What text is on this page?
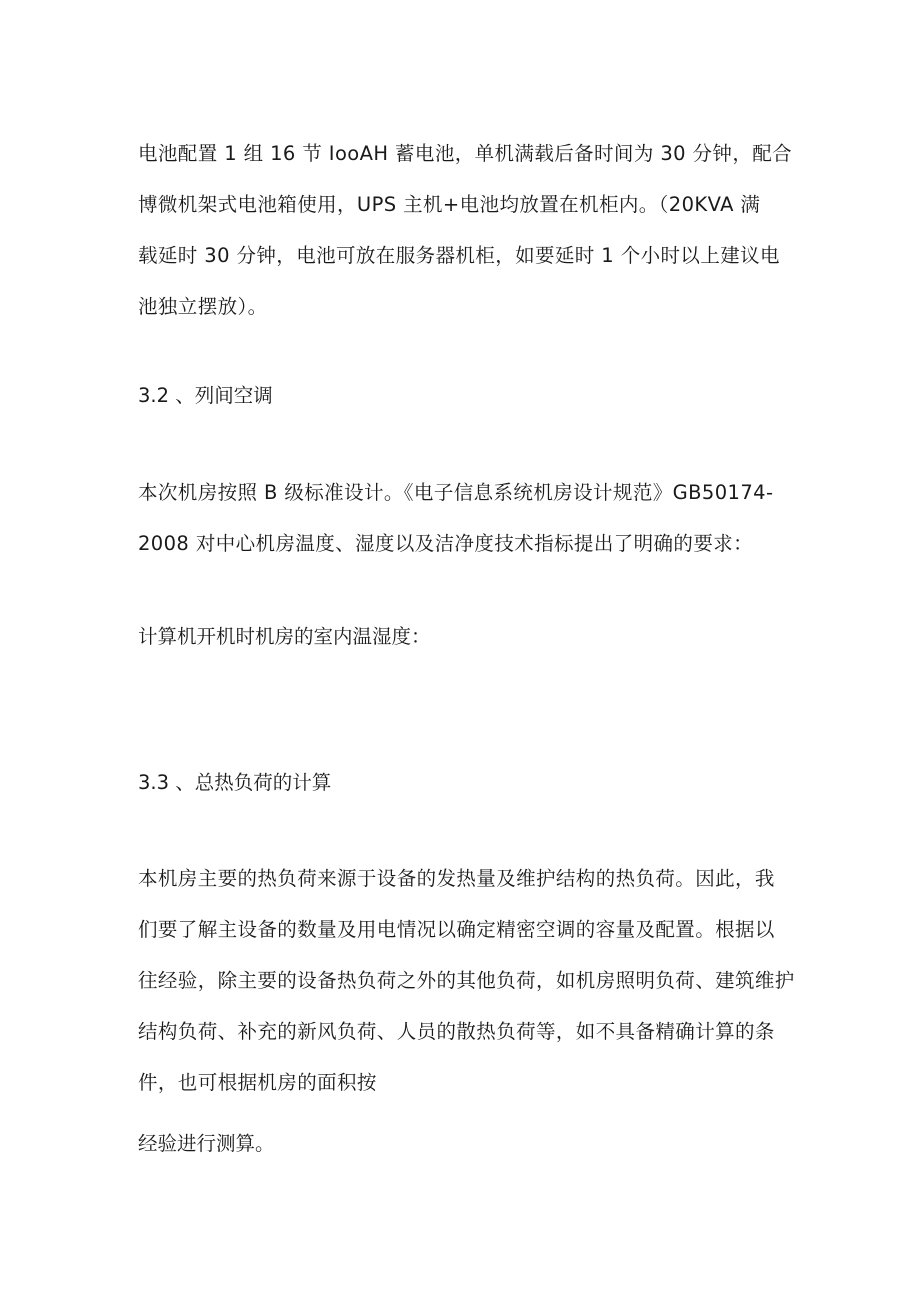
电池配置 1 组 16 节 IooAH 蓄电池，单机满载后备时间为 30 分钟，配合
博微机架式电池箱使用，UPS 主机+电池均放置在机柜内。（20KVA 满
载延时 30 分钟，电池可放在服务器机柜，如要延时 1 个小时以上建议电
池独立摆放）。
3.2 、列间空调
本次机房按照 B 级标准设计。《电子信息系统机房设计规范》GB50174-
2008 对中心机房温度、湿度以及洁净度技术指标提出了明确的要求：
计算机开机时机房的室内温湿度：
3.3 、总热负荷的计算
本机房主要的热负荷来源于设备的发热量及维护结构的热负荷。因此，我
们要了解主设备的数量及用电情况以确定精密空调的容量及配置。根据以
往经验，除主要的设备热负荷之外的其他负荷，如机房照明负荷、建筑维护
结构负荷、补充的新风负荷、人员的散热负荷等，如不具备精确计算的条
件，也可根据机房的面积按
经验进行测算。
